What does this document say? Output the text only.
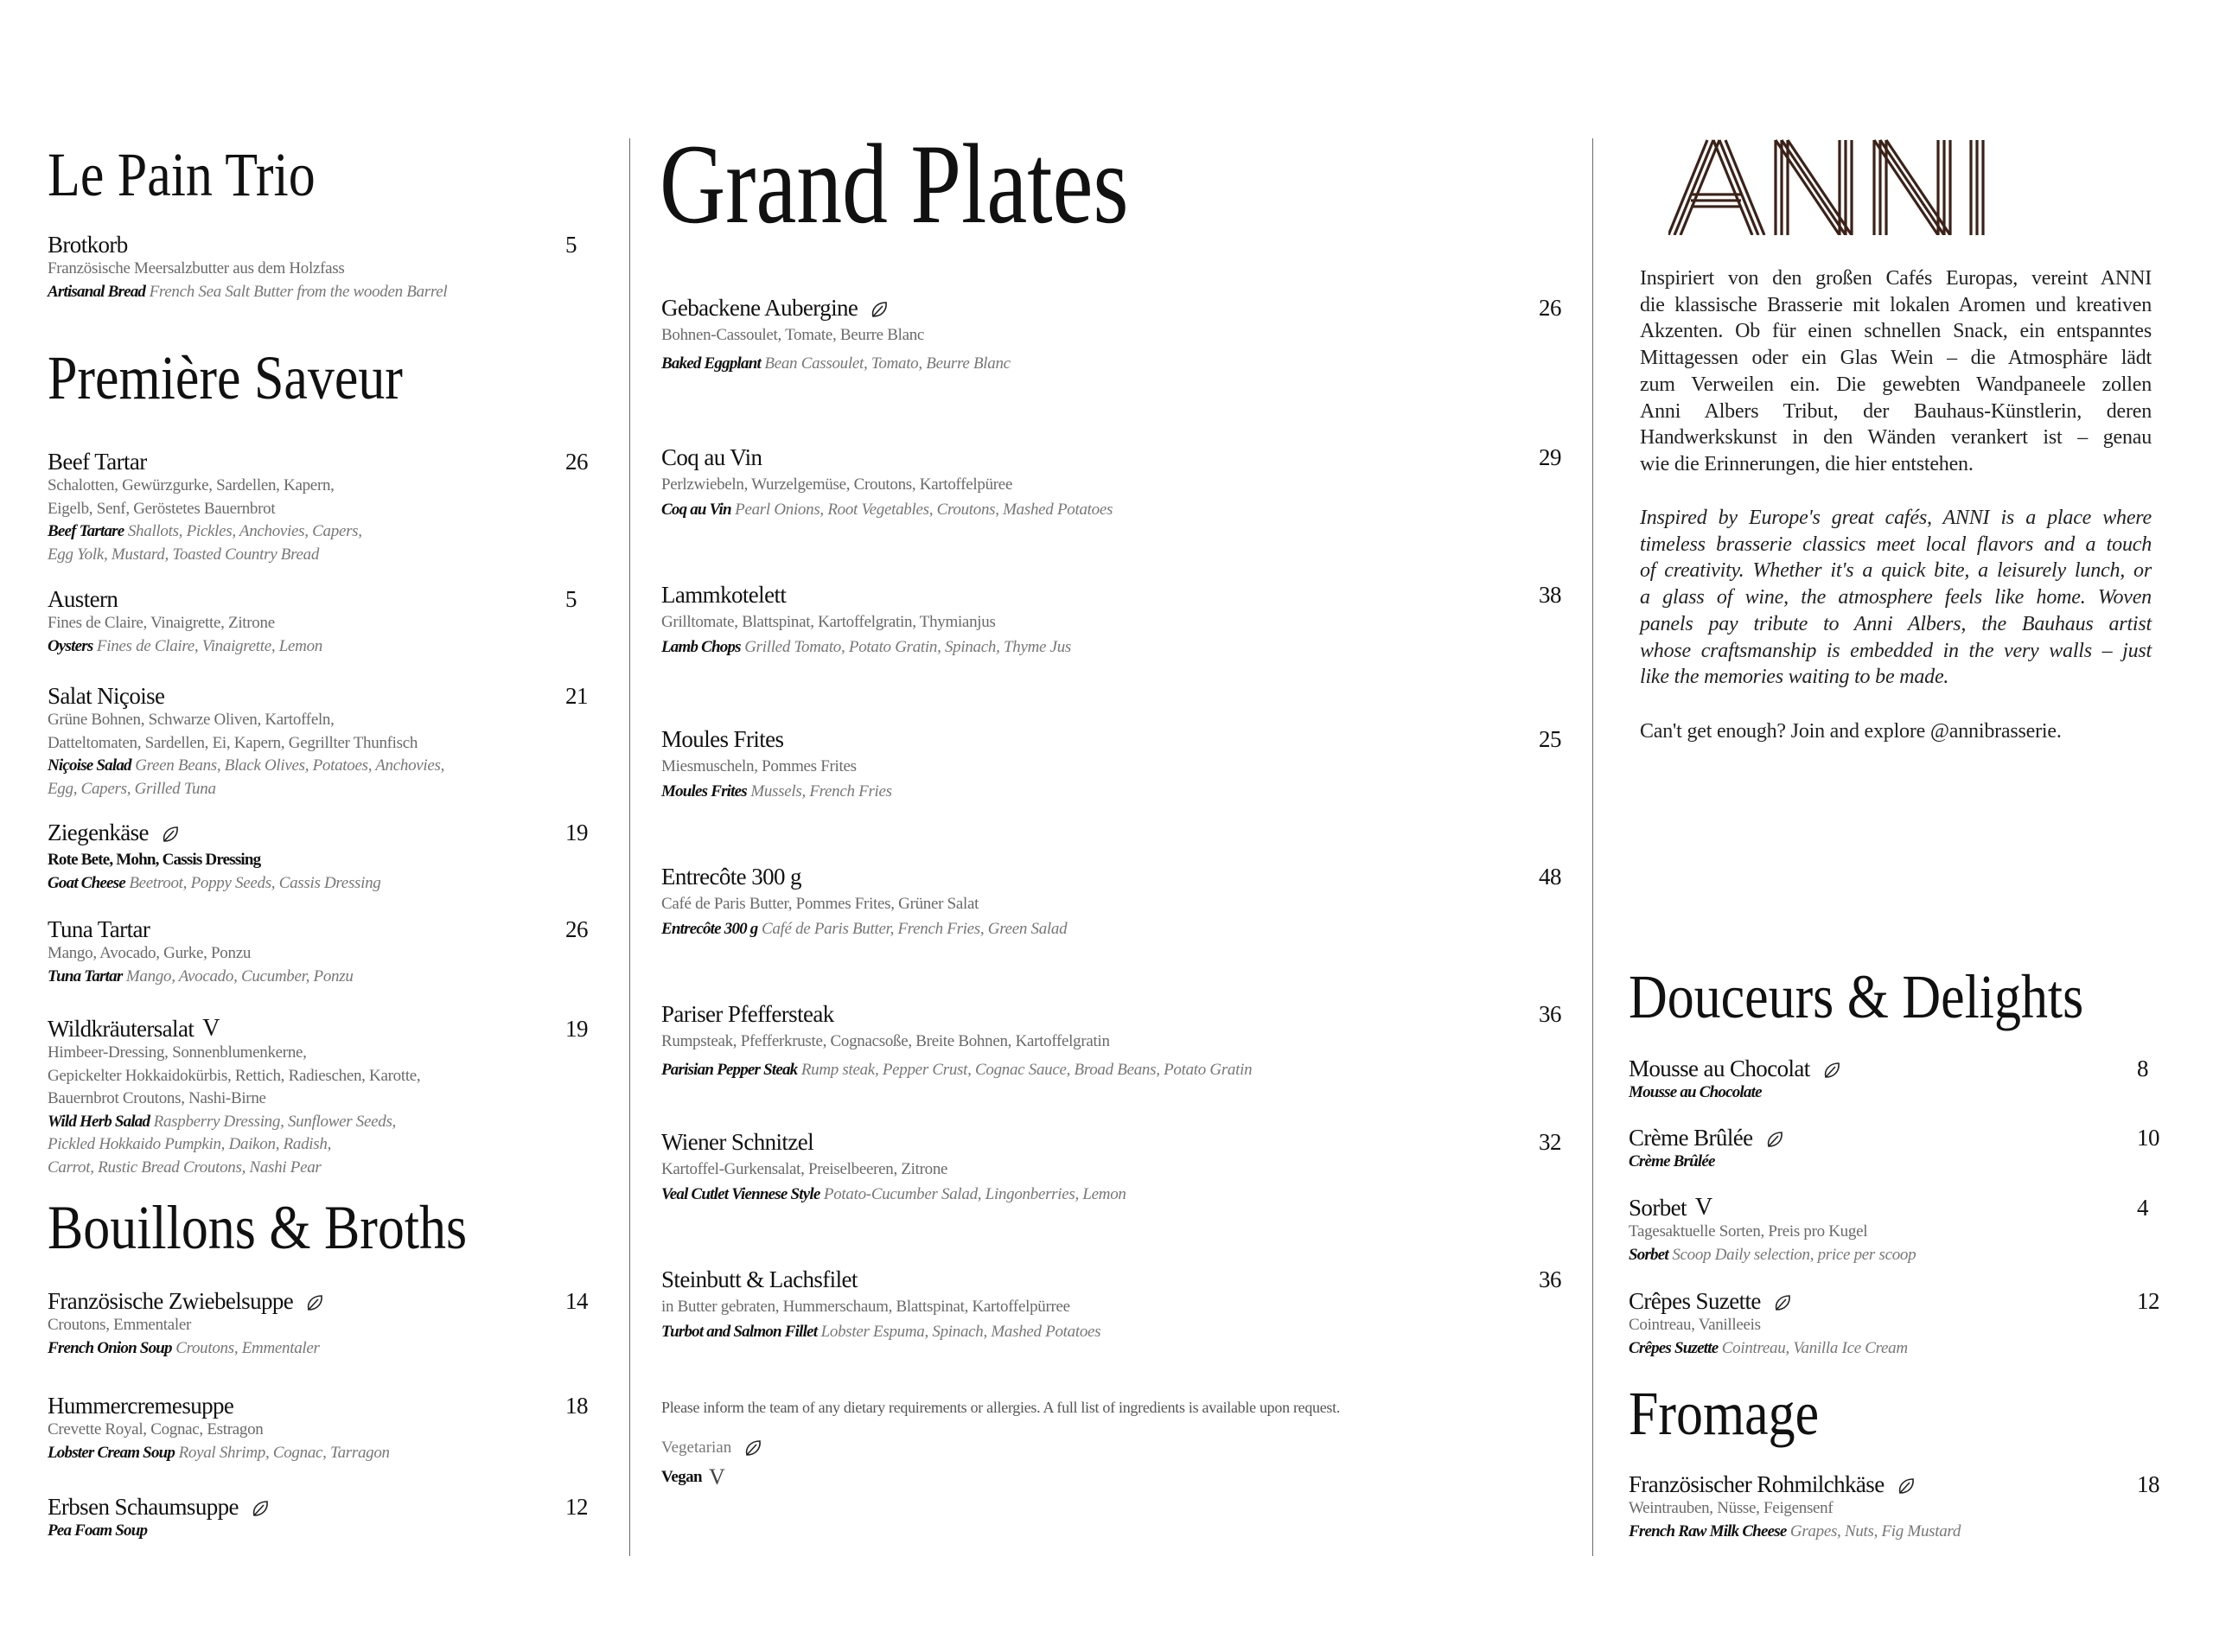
Le Pain Trio
Première Saveur
Bouillons & Broths
Grand Plates
Inspiriert von den großen Cafés Europas, vereint ANNI
die klassische Brasserie mit lokalen Aromen und kreativen
Akzenten. Ob für einen schnellen Snack, ein entspanntes
Mittagessen oder ein Glas Wein – die Atmosphäre lädt
zum Verweilen ein. Die gewebten Wandpaneele zollen
Anni Albers Tribut, der Bauhaus-Künstlerin, deren
Handwerkskunst in den Wänden verankert ist – genau
wie die Erinnerungen, die hier entstehen.
Inspired by Europe's great cafés, ANNI is a place where
timeless brasserie classics meet local flavors and a touch
of creativity. Whether it's a quick bite, a leisurely lunch, or
a glass of wine, the atmosphere feels like home. Woven
panels pay tribute to Anni Albers, the Bauhaus artist
whose craftsmanship is embedded in the very walls – just
like the memories waiting to be made.
Can't get enough? Join and explore @annibrasserie.
Douceurs & Delights
Fromage
Please inform the team of any dietary requirements or allergies. A full list of ingredients is available upon request.
Vegetarian
Vegan V
Brotkorb	5
Französische Meersalzbutter aus dem Holzfass
Artisanal Bread French Sea Salt Butter from the wooden Barrel
Beef Tartar	26
Schalotten, Gewürzgurke, Sardellen, Kapern,
Eigelb, Senf, Geröstetes Bauernbrot
Beef Tartare Shallots, Pickles, Anchovies, Capers,
Egg Yolk, Mustard, Toasted Country Bread
Austern	5
Fines de Claire, Vinaigrette, Zitrone
Oysters Fines de Claire, Vinaigrette, Lemon
Salat Niçoise	21
Grüne Bohnen, Schwarze Oliven, Kartoffeln,
Datteltomaten, Sardellen, Ei, Kapern, Gegrillter Thunfisch
Niçoise Salad Green Beans, Black Olives, Potatoes, Anchovies,
Egg, Capers, Grilled Tuna
Ziegenkäse	19
Rote Bete, Mohn, Cassis Dressing
Goat Cheese Beetroot, Poppy Seeds, Cassis Dressing
Tuna Tartar	26
Mango, Avocado, Gurke, Ponzu
Tuna Tartar Mango, Avocado, Cucumber, Ponzu
Wildkräutersalat V	19
Himbeer-Dressing, Sonnenblumenkerne,
Gepickelter Hokkaidokürbis, Rettich, Radieschen, Karotte,
Bauernbrot Croutons, Nashi-Birne
Wild Herb Salad Raspberry Dressing, Sunflower Seeds,
Pickled Hokkaido Pumpkin, Daikon, Radish,
Carrot, Rustic Bread Croutons, Nashi Pear
Französische Zwiebelsuppe	14
Croutons, Emmentaler
French Onion Soup Croutons, Emmentaler
Hummercremesuppe	18
Crevette Royal, Cognac, Estragon
Lobster Cream Soup Royal Shrimp, Cognac, Tarragon
Erbsen Schaumsuppe	12
Pea Foam Soup
Gebackene Aubergine	26
Bohnen-Cassoulet, Tomate, Beurre Blanc
Baked Eggplant Bean Cassoulet, Tomato, Beurre Blanc
Coq au Vin	29
Perlzwiebeln, Wurzelgemüse, Croutons, Kartoffelpüree
Coq au Vin Pearl Onions, Root Vegetables, Croutons, Mashed Potatoes
Lammkotelett	38
Grilltomate, Blattspinat, Kartoffelgratin, Thymianjus
Lamb Chops Grilled Tomato, Potato Gratin, Spinach, Thyme Jus
Moules Frites	25
Miesmuscheln, Pommes Frites
Moules Frites Mussels, French Fries
Entrecôte 300 g	48
Café de Paris Butter, Pommes Frites, Grüner Salat
Entrecôte 300 g Café de Paris Butter, French Fries, Green Salad
Pariser Pfeffersteak	36
Rumpsteak, Pfefferkruste, Cognacsoße, Breite Bohnen, Kartoffelgratin
Parisian Pepper Steak Rump steak, Pepper Crust, Cognac Sauce, Broad Beans, Potato Gratin
Wiener Schnitzel	32
Kartoffel-Gurkensalat, Preiselbeeren, Zitrone
Veal Cutlet Viennese Style Potato-Cucumber Salad, Lingonberries, Lemon
Steinbutt & Lachsfilet	36
in Butter gebraten, Hummerschaum, Blattspinat, Kartoffelpürree
Turbot and Salmon Fillet Lobster Espuma, Spinach, Mashed Potatoes
Mousse au Chocolat	8
Mousse au Chocolate
Crème Brûlée	10
Crème Brûlée
Sorbet V	4
Tagesaktuelle Sorten, Preis pro Kugel
Sorbet Scoop Daily selection, price per scoop
Crêpes Suzette	12
Cointreau, Vanilleeis
Crêpes Suzette Cointreau, Vanilla Ice Cream
Französischer Rohmilchkäse	18
Weintrauben, Nüsse, Feigensenf
French Raw Milk Cheese Grapes, Nuts, Fig Mustard
